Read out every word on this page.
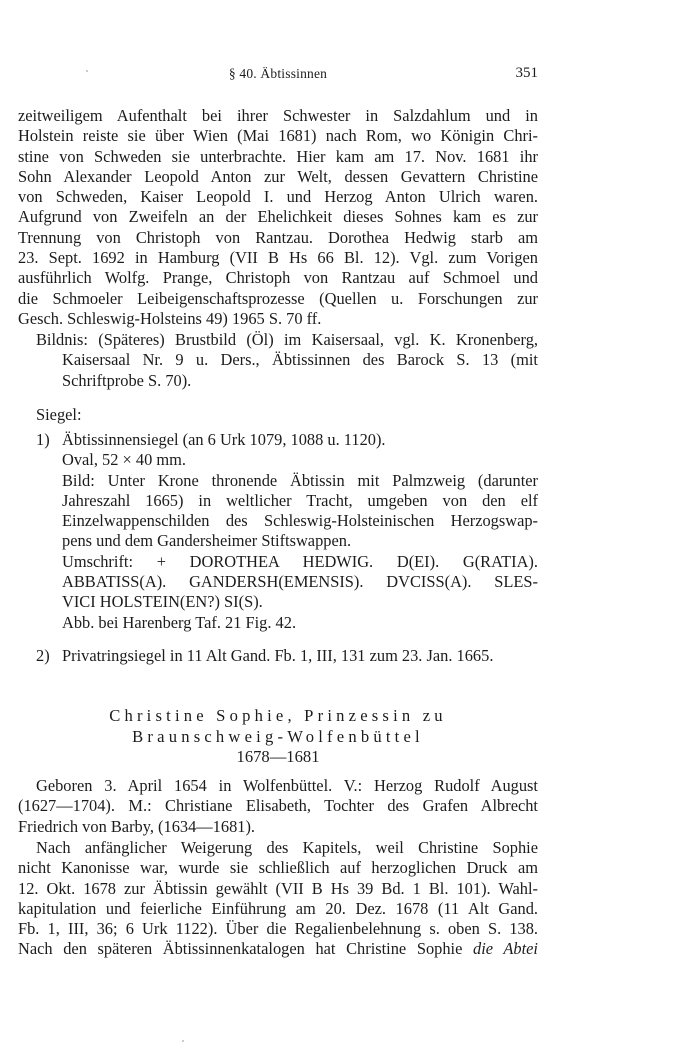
§ 40. Äbtissinnen	351
zeitweiligem Aufenthalt bei ihrer Schwester in Salzdahlum und in
Holstein reiste sie über Wien (Mai 1681) nach Rom, wo Königin Chri-
stine von Schweden sie unterbrachte. Hier kam am 17. Nov. 1681 ihr
Sohn Alexander Leopold Anton zur Welt, dessen Gevattern Christine
von Schweden, Kaiser Leopold I. und Herzog Anton Ulrich waren.
Aufgrund von Zweifeln an der Ehelichkeit dieses Sohnes kam es zur
Trennung von Christoph von Rantzau. Dorothea Hedwig starb am
23. Sept. 1692 in Hamburg (VII B Hs 66 Bl. 12). Vgl. zum Vorigen
ausführlich Wolfg. Prange, Christoph von Rantzau auf Schmoel und
die Schmoeler Leibeigenschaftsprozesse (Quellen u. Forschungen zur
Gesch. Schleswig-Holsteins 49) 1965 S. 70 ff.
Bildnis: (Späteres) Brustbild (Öl) im Kaisersaal, vgl. K. Kronenberg,
Kaisersaal Nr. 9 u. Ders., Äbtissinnen des Barock S. 13 (mit
Schriftprobe S. 70).
Siegel:
1) Äbtissinnensiegel (an 6 Urk 1079, 1088 u. 1120).
Oval, 52 × 40 mm.
Bild: Unter Krone thronende Äbtissin mit Palmzweig (darunter
Jahreszahl 1665) in weltlicher Tracht, umgeben von den elf
Einzelwappenschilden des Schleswig-Holsteinischen Herzogswap-
pens und dem Gandersheimer Stiftswappen.
Umschrift: + DOROTHEA HEDWIG. D(EI). G(RATIA).
ABBATISS(A). GANDERSH(EMENSIS). DVCISS(A). SLES-
VICI HOLSTEIN(EN?) SI(S).
Abb. bei Harenberg Taf. 21 Fig. 42.
2) Privatringsiegel in 11 Alt Gand. Fb. 1, III, 131 zum 23. Jan. 1665.
Christine Sophie, Prinzessin zu
Braunschweig-Wolfenbüttel
1678—1681
Geboren 3. April 1654 in Wolfenbüttel. V.: Herzog Rudolf August
(1627—1704). M.: Christiane Elisabeth, Tochter des Grafen Albrecht
Friedrich von Barby, (1634—1681).
Nach anfänglicher Weigerung des Kapitels, weil Christine Sophie
nicht Kanonisse war, wurde sie schließlich auf herzoglichen Druck am
12. Okt. 1678 zur Äbtissin gewählt (VII B Hs 39 Bd. 1 Bl. 101). Wahl-
kapitulation und feierliche Einführung am 20. Dez. 1678 (11 Alt Gand.
Fb. 1, III, 36; 6 Urk 1122). Über die Regalienbelehnung s. oben S. 138.
Nach den späteren Äbtissinnenkatalogen hat Christine Sophie die Abtei
